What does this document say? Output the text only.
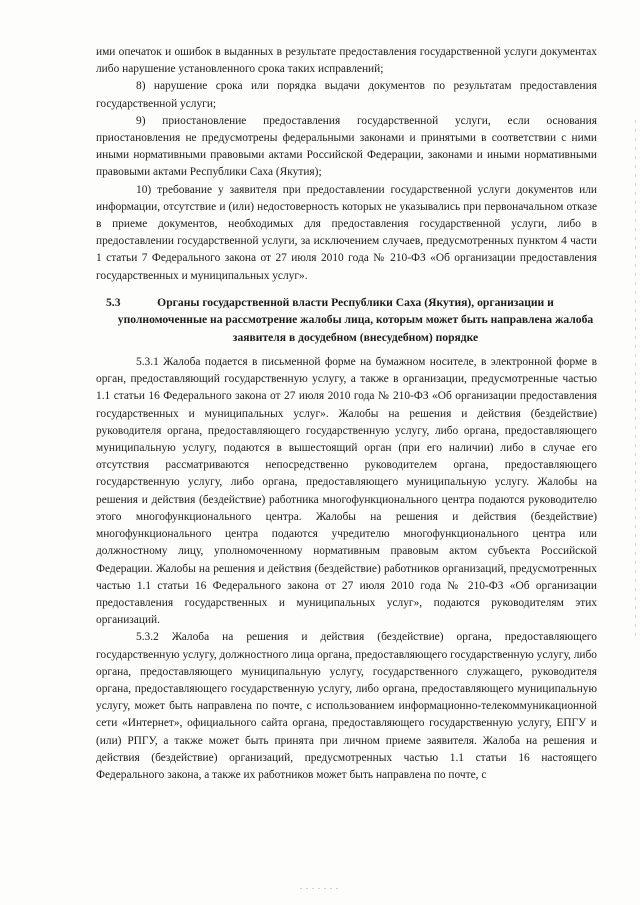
ими опечаток и ошибок в выданных в результате предоставления государственной услуги документах либо нарушение установленного срока таких исправлений;

8) нарушение срока или порядка выдачи документов по результатам предоставления государственной услуги;

9) приостановление предоставления государственной услуги, если основания приостановления не предусмотрены федеральными законами и принятыми в соответствии с ними иными нормативными правовыми актами Российской Федерации, законами и иными нормативными правовыми актами Республики Саха (Якутия);

10) требование у заявителя при предоставлении государственной услуги документов или информации, отсутствие и (или) недостоверность которых не указывались при первоначальном отказе в приеме документов, необходимых для предоставления государственной услуги, либо в предоставлении государственной услуги, за исключением случаев, предусмотренных пунктом 4 части 1 статьи 7 Федерального закона от 27 июля 2010 года № 210-ФЗ «Об организации предоставления государственных и муниципальных услуг».

5.3	Органы государственной власти Республики Саха (Якутия), организации и уполномоченные на рассмотрение жалобы лица, которым может быть направлена жалоба заявителя в досудебном (внесудебном) порядке

5.3.1 Жалоба подается в письменной форме на бумажном носителе, в электронной форме в орган, предоставляющий государственную услугу, а также в организации, предусмотренные частью 1.1 статьи 16 Федерального закона от 27 июля 2010 года № 210-ФЗ «Об организации предоставления государственных и муниципальных услуг». Жалобы на решения и действия (бездействие) руководителя органа, предоставляющего государственную услугу, либо органа, предоставляющего муниципальную услугу, подаются в вышестоящий орган (при его наличии) либо в случае его отсутствия рассматриваются непосредственно руководителем органа, предоставляющего государственную услугу, либо органа, предоставляющего муниципальную услугу. Жалобы на решения и действия (бездействие) работника многофункционального центра подаются руководителю этого многофункционального центра. Жалобы на решения и действия (бездействие) многофункционального центра подаются учредителю многофункционального центра или должностному лицу, уполномоченному нормативным правовым актом субъекта Российской Федерации. Жалобы на решения и действия (бездействие) работников организаций, предусмотренных частью 1.1 статьи 16 Федерального закона от 27 июля 2010 года № 210-ФЗ «Об организации предоставления государственных и муниципальных услуг», подаются руководителям этих организаций.

5.3.2 Жалоба на решения и действия (бездействие) органа, предоставляющего государственную услугу, должностного лица органа, предоставляющего государственную услугу, либо органа, предоставляющего муниципальную услугу, государственного служащего, руководителя органа, предоставляющего государственную услугу, либо органа, предоставляющего муниципальную услугу, может быть направлена по почте, с использованием информационно-телекоммуникационной сети «Интернет», официального сайта органа, предоставляющего государственную услугу, ЕПГУ и (или) РПГУ, а также может быть принята при личном приеме заявителя. Жалоба на решения и действия (бездействие) организаций, предусмотренных частью 1.1 статьи 16 настоящего Федерального закона, а также их работников может быть направлена по почте, с
